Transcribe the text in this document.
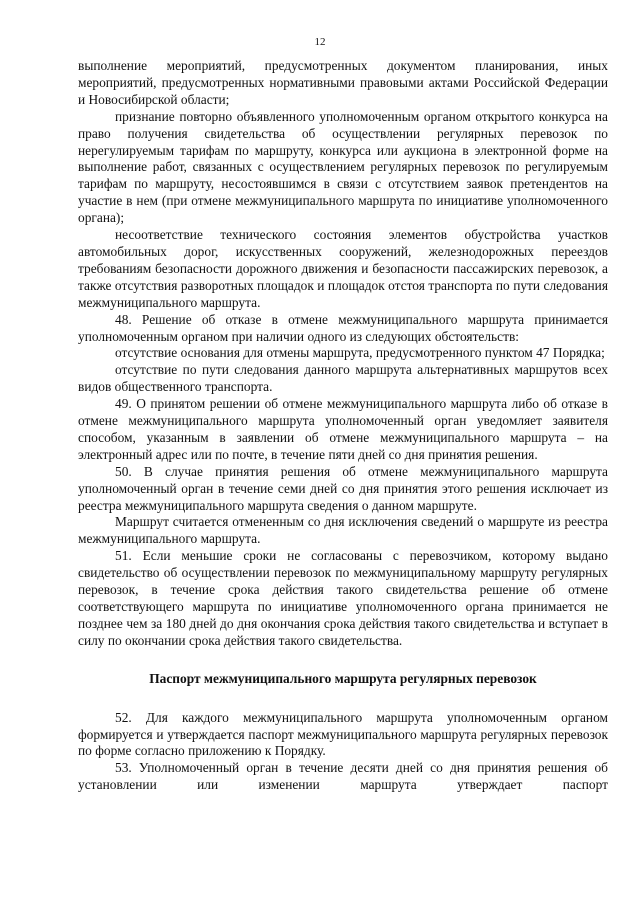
12

выполнение мероприятий, предусмотренных документом планирования, иных мероприятий, предусмотренных нормативными правовыми актами Российской Федерации и Новосибирской области;

признание повторно объявленного уполномоченным органом открытого конкурса на право получения свидетельства об осуществлении регулярных перевозок по нерегулируемым тарифам по маршруту, конкурса или аукциона в электронной форме на выполнение работ, связанных с осуществлением регулярных перевозок по регулируемым тарифам по маршруту, несостоявшимся в связи с отсутствием заявок претендентов на участие в нем (при отмене межмуниципального маршрута по инициативе уполномоченного органа);

несоответствие технического состояния элементов обустройства участков автомобильных дорог, искусственных сооружений, железнодорожных переездов требованиям безопасности дорожного движения и безопасности пассажирских перевозок, а также отсутствия разворотных площадок и площадок отстоя транспорта по пути следования межмуниципального маршрута.

48. Решение об отказе в отмене межмуниципального маршрута принимается уполномоченным органом при наличии одного из следующих обстоятельств:

отсутствие основания для отмены маршрута, предусмотренного пунктом 47 Порядка;

отсутствие по пути следования данного маршрута альтернативных маршрутов всех видов общественного транспорта.

49. О принятом решении об отмене межмуниципального маршрута либо об отказе в отмене межмуниципального маршрута уполномоченный орган уведомляет заявителя способом, указанным в заявлении об отмене межмуниципального маршрута – на электронный адрес или по почте, в течение пяти дней со дня принятия решения.

50. В случае принятия решения об отмене межмуниципального маршрута уполномоченный орган в течение семи дней со дня принятия этого решения исключает из реестра межмуниципального маршрута сведения о данном маршруте.

Маршрут считается отмененным со дня исключения сведений о маршруте из реестра межмуниципального маршрута.

51. Если меньшие сроки не согласованы с перевозчиком, которому выдано свидетельство об осуществлении перевозок по межмуниципальному маршруту регулярных перевозок, в течение срока действия такого свидетельства решение об отмене соответствующего маршрута по инициативе уполномоченного органа принимается не позднее чем за 180 дней до дня окончания срока действия такого свидетельства и вступает в силу по окончании срока действия такого свидетельства.

Паспорт межмуниципального маршрута регулярных перевозок

52. Для каждого межмуниципального маршрута уполномоченным органом формируется и утверждается паспорт межмуниципального маршрута регулярных перевозок по форме согласно приложению к Порядку.

53. Уполномоченный орган в течение десяти дней со дня принятия решения об установлении или изменении маршрута утверждает паспорт
